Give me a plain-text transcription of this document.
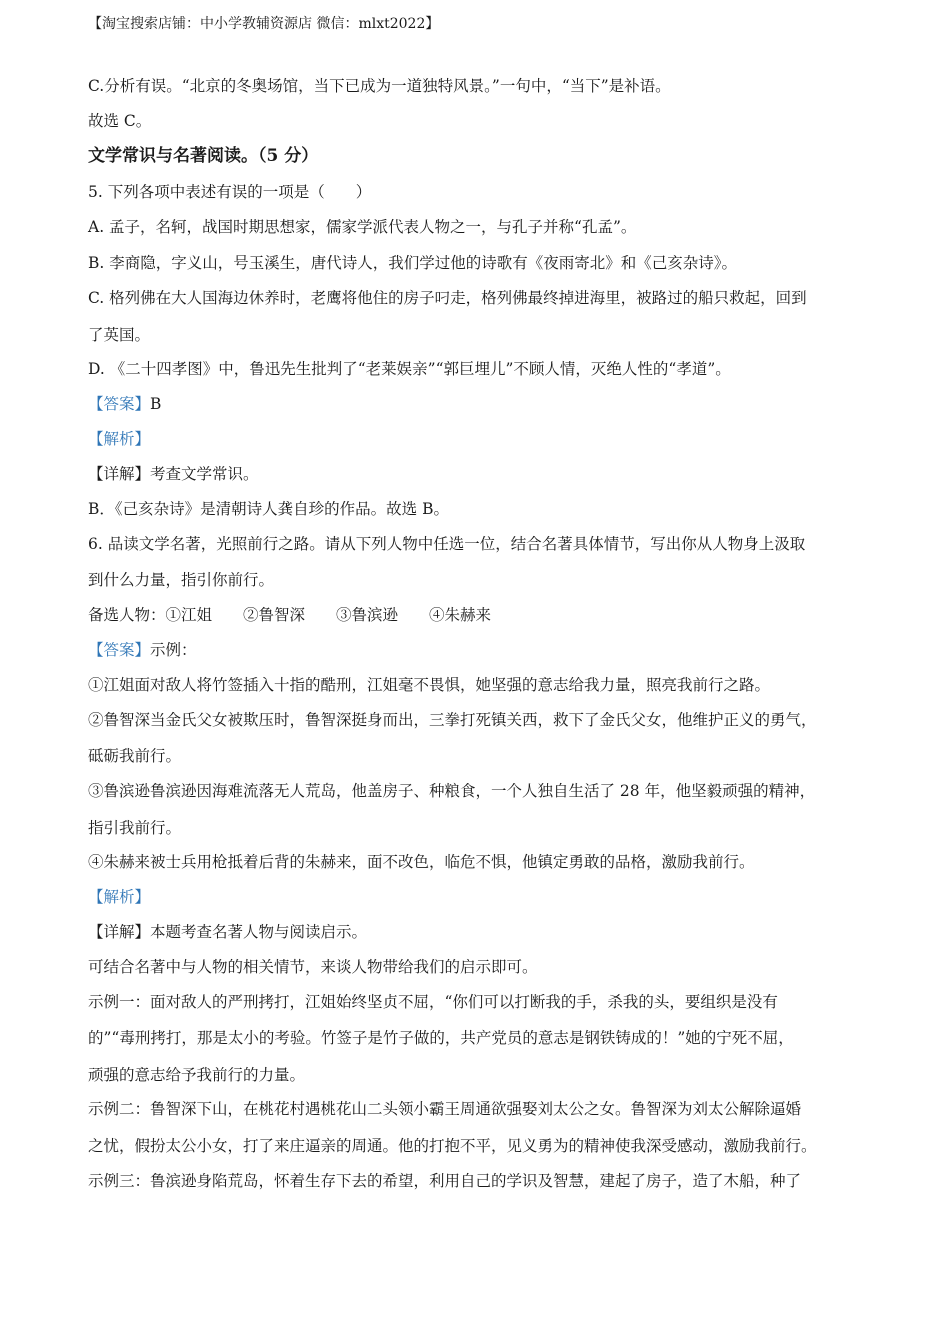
【淘宝搜索店铺：中小学教辅资源店 微信：mlxt2022】
C.分析有误。“北京的冬奥场馆，当下已成为一道独特风景。”一句中，“当下”是补语。
故选 C。
文学常识与名著阅读。（5 分）
5. 下列各项中表述有误的一项是（　　）
A. 孟子，名轲，战国时期思想家，儒家学派代表人物之一，与孔子并称“孔孟”。
B. 李商隐，字义山，号玉溪生，唐代诗人，我们学过他的诗歌有《夜雨寄北》和《己亥杂诗》。
C. 格列佛在大人国海边休养时，老鹰将他住的房子叼走，格列佛最终掉进海里，被路过的船只救起，回到
了英国。
D. 《二十四孝图》中，鲁迅先生批判了“老莱娱亲”“郭巨埋儿”不顾人情，灭绝人性的“孝道”。
【答案】B
【解析】
【详解】考查文学常识。
B．《己亥杂诗》是清朝诗人龚自珍的作品。故选 B。
6. 品读文学名著，光照前行之路。请从下列人物中任选一位，结合名著具体情节，写出你从人物身上汲取
到什么力量，指引你前行。
备选人物：①江姐　　②鲁智深　　③鲁滨逊　　④朱赫来
【答案】示例：
①江姐面对敌人将竹签插入十指的酷刑，江姐毫不畏惧，她坚强的意志给我力量，照亮我前行之路。
②鲁智深当金氏父女被欺压时，鲁智深挺身而出，三拳打死镇关西，救下了金氏父女，他维护正义的勇气，
砥砺我前行。
③鲁滨逊鲁滨逊因海难流落无人荒岛，他盖房子、种粮食，一个人独自生活了 28 年，他坚毅顽强的精神，
指引我前行。
④朱赫来被士兵用枪抵着后背的朱赫来，面不改色，临危不惧，他镇定勇敢的品格，激励我前行。
【解析】
【详解】本题考查名著人物与阅读启示。
可结合名著中与人物的相关情节，来谈人物带给我们的启示即可。
示例一：面对敌人的严刑拷打，江姐始终坚贞不屈，“你们可以打断我的手，杀我的头，要组织是没有
的”“毒刑拷打，那是太小的考验。竹签子是竹子做的，共产党员的意志是钢铁铸成的！”她的宁死不屈，
顽强的意志给予我前行的力量。
示例二：鲁智深下山，在桃花村遇桃花山二头领小霸王周通欲强娶刘太公之女。鲁智深为刘太公解除逼婚
之忧，假扮太公小女，打了来庄逼亲的周通。他的打抱不平，见义勇为的精神使我深受感动，激励我前行。
示例三：鲁滨逊身陷荒岛，怀着生存下去的希望，利用自己的学识及智慧，建起了房子，造了木船，种了
